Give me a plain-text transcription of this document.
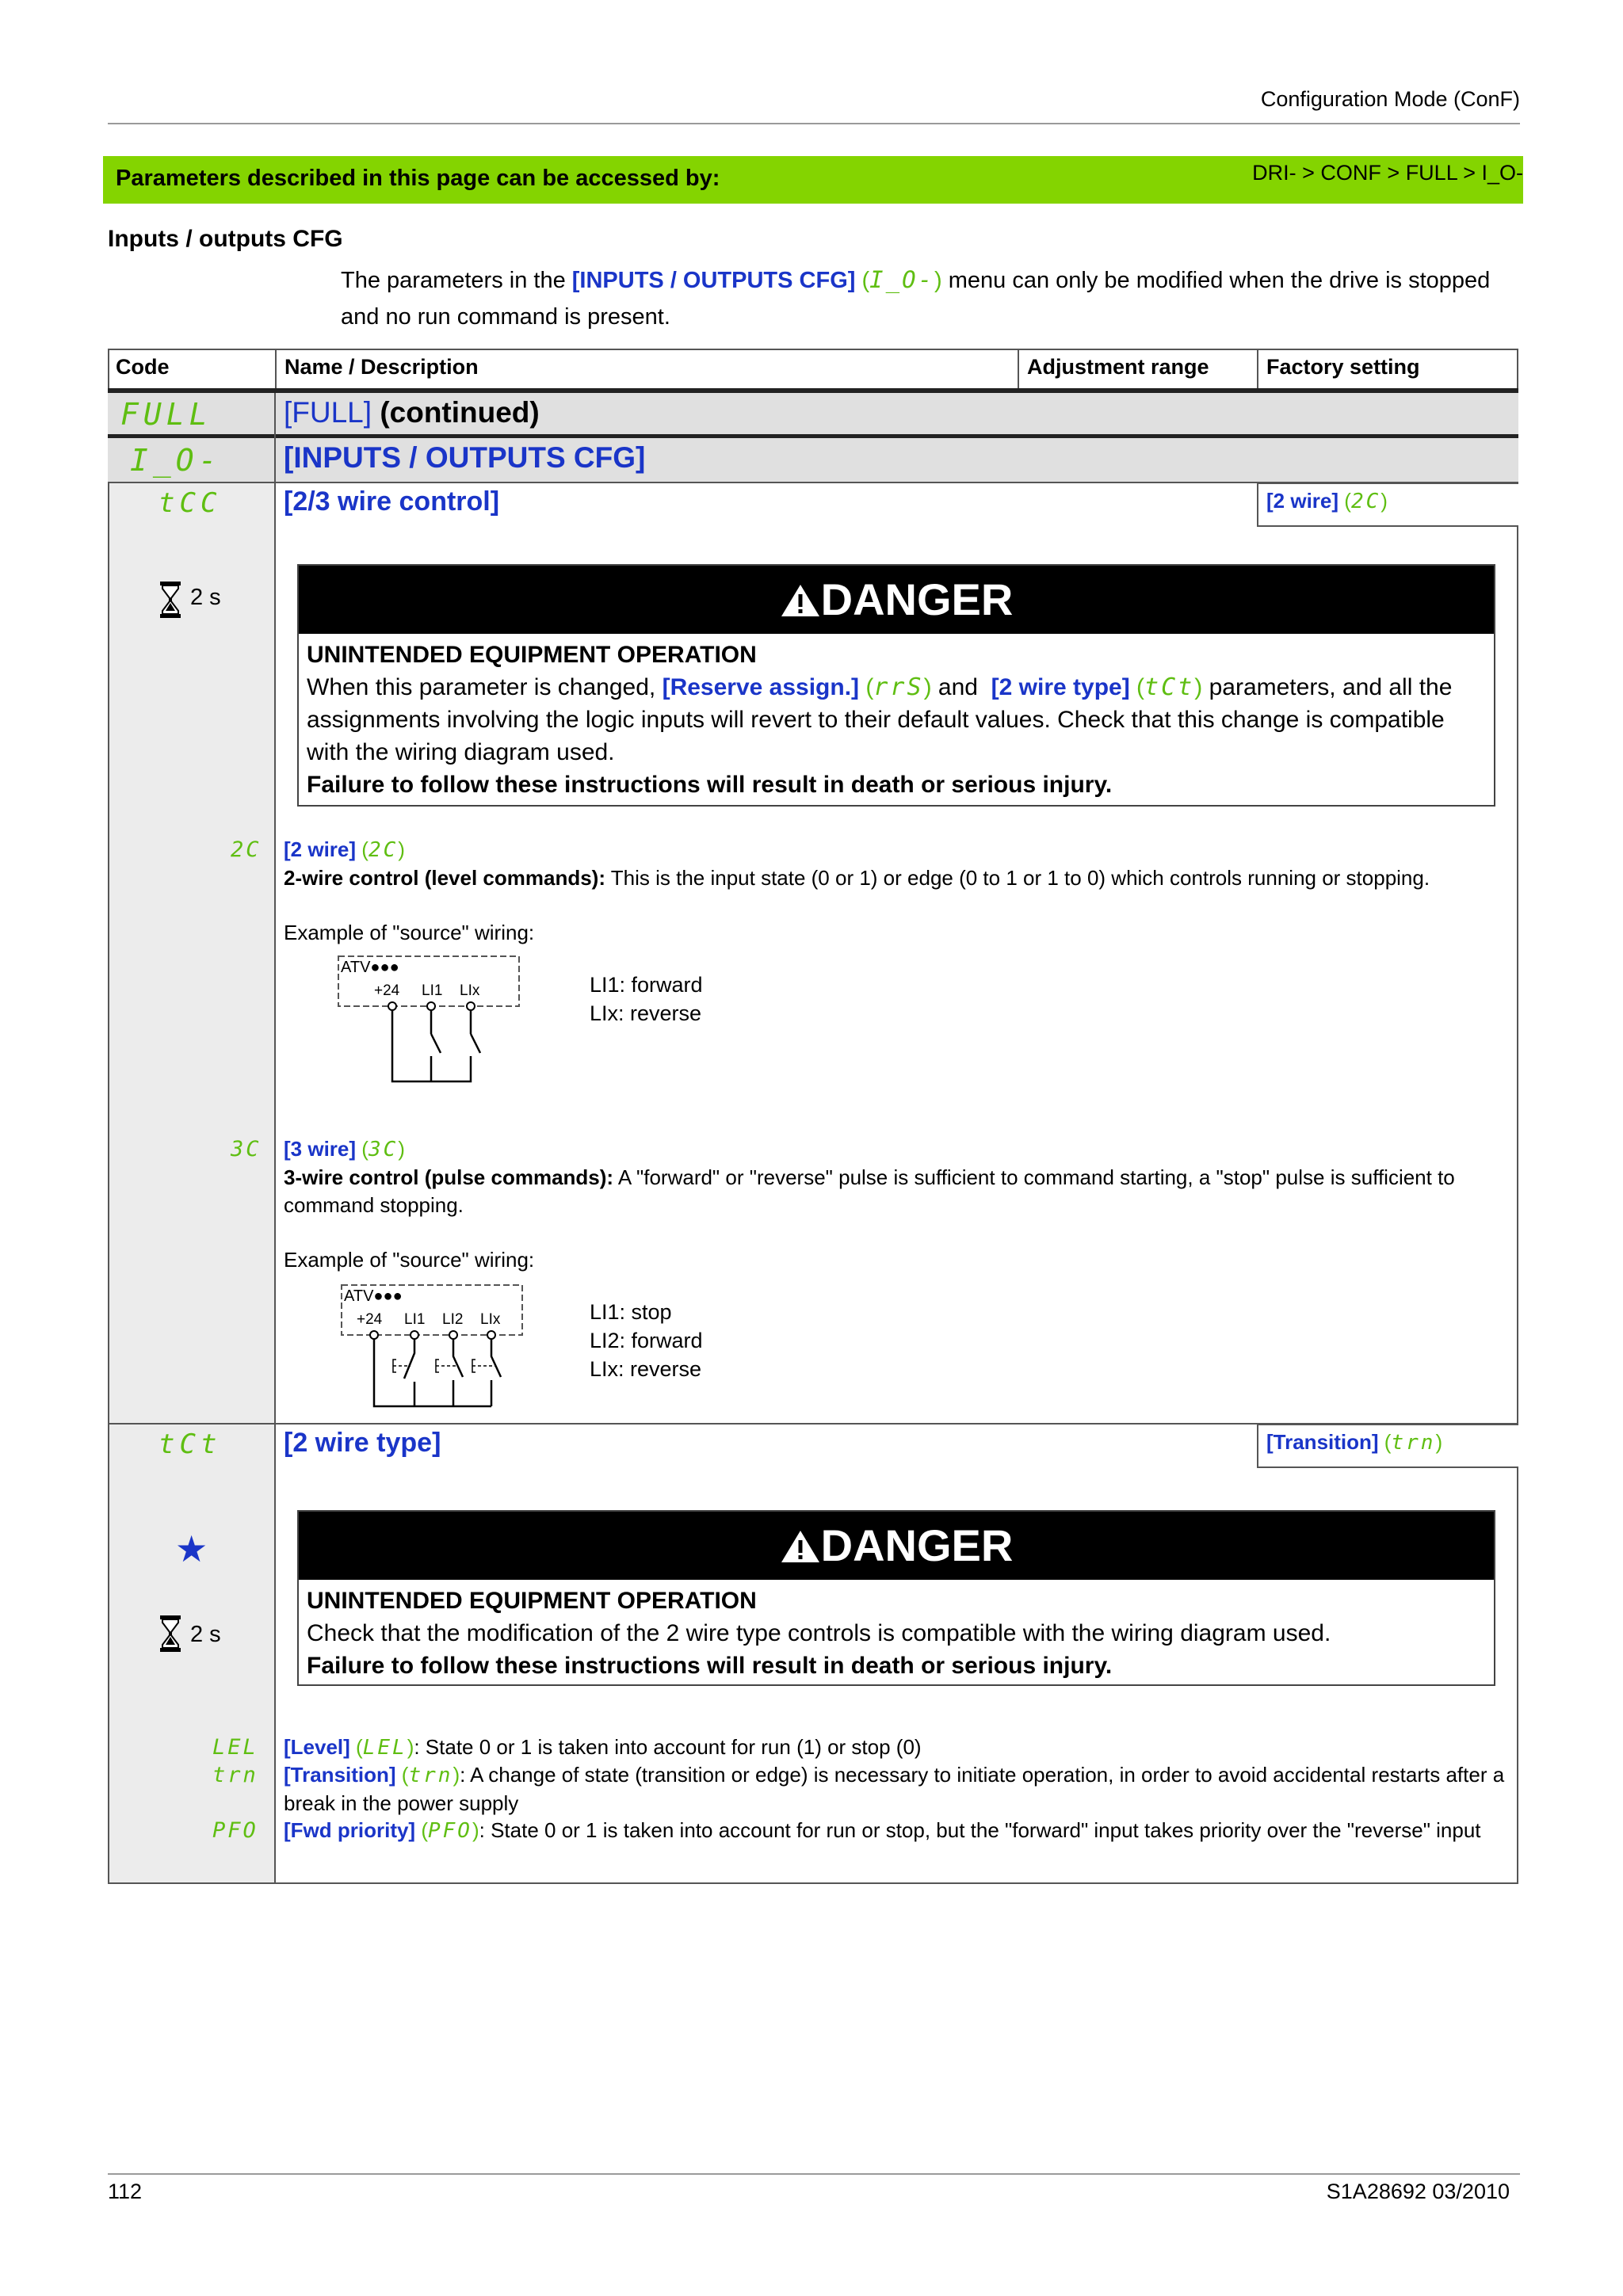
Configuration Mode (ConF)
Parameters described in this page can be accessed by:	DRI- > CONF > FULL > I_O-
Inputs / outputs CFG
The parameters in the [INPUTS / OUTPUTS CFG] (I_O-) menu can only be modified when the drive is stopped and no run command is present.
Code	Name / Description	Adjustment range	Factory setting
FULL [FULL] (continued)
I_O- [INPUTS / OUTPUTS CFG]
tCC [2/3 wire control]	[2 wire] (2C)
2 s	DANGER
UNINTENDED EQUIPMENT OPERATION
When this parameter is changed, [Reserve assign.] (rrS) and [2 wire type] (tCt) parameters, and all the assignments involving the logic inputs will revert to their default values. Check that this change is compatible with the wiring diagram used.
Failure to follow these instructions will result in death or serious injury.
2C [2 wire] (2C)
2-wire control (level commands): This is the input state (0 or 1) or edge (0 to 1 or 1 to 0) which controls running or stopping.
Example of "source" wiring:
ATV●●●
+24 LI1 LIx	LI1: forward
LIx: reverse
3C [3 wire] (3C)
3-wire control (pulse commands): A "forward" or "reverse" pulse is sufficient to command starting, a "stop" pulse is sufficient to command stopping.
Example of "source" wiring:
ATV●●●
+24 LI1 LI2 LIx	LI1: stop
LI2: forward
LIx: reverse
tCt [2 wire type]	[Transition] (trn)
★
2 s
DANGER
UNINTENDED EQUIPMENT OPERATION
Check that the modification of the 2 wire type controls is compatible with the wiring diagram used.
Failure to follow these instructions will result in death or serious injury.
LEL [Level] (LEL): State 0 or 1 is taken into account for run (1) or stop (0)
trn [Transition] (trn): A change of state (transition or edge) is necessary to initiate operation, in order to avoid accidental restarts after a break in the power supply
PFO [Fwd priority] (PFO): State 0 or 1 is taken into account for run or stop, but the "forward" input takes priority over the "reverse" input
112	S1A28692 03/2010
